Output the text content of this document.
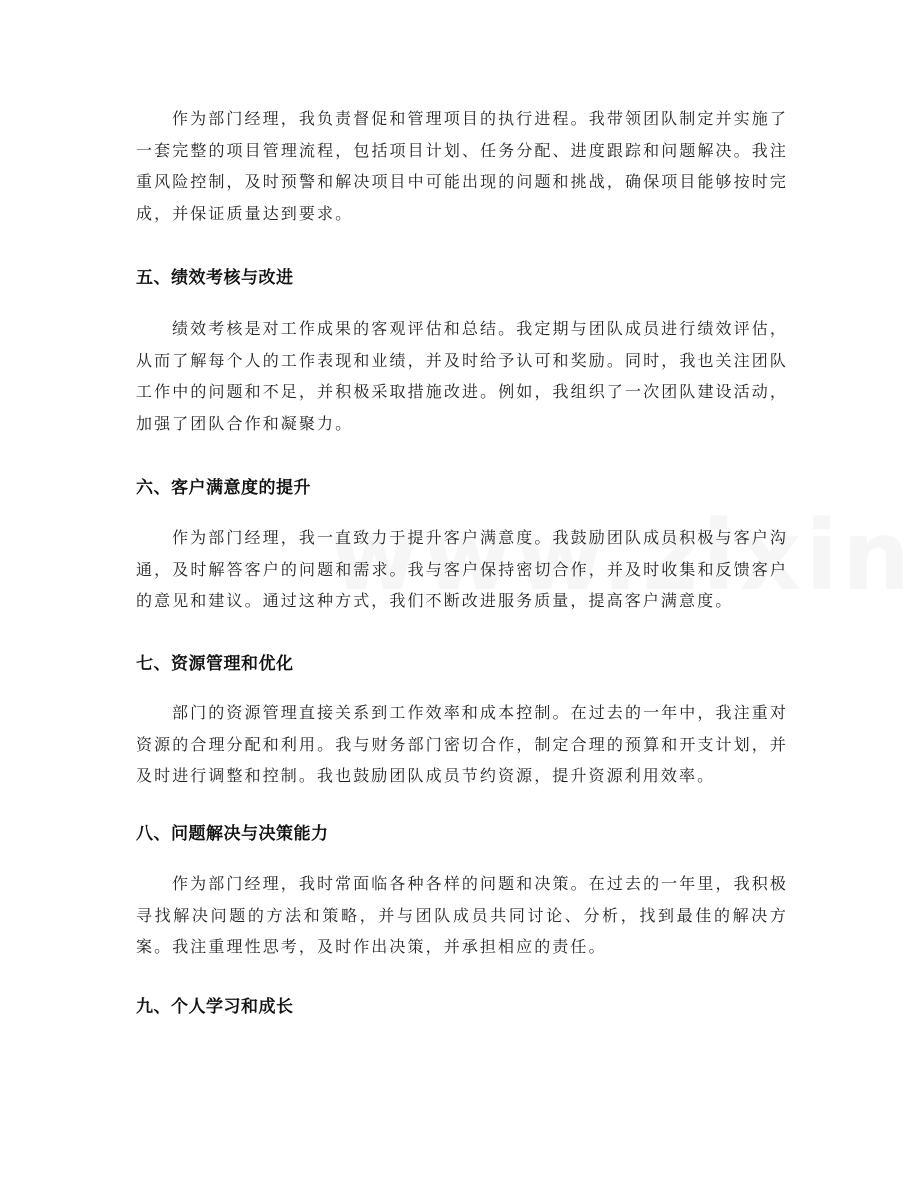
作为部门经理，我负责督促和管理项目的执行进程。我带领团队制定并实施了一套完整的项目管理流程，包括项目计划、任务分配、进度跟踪和问题解决。我注重风险控制，及时预警和解决项目中可能出现的问题和挑战，确保项目能够按时完成，并保证质量达到要求。

五、绩效考核与改进

绩效考核是对工作成果的客观评估和总结。我定期与团队成员进行绩效评估，从而了解每个人的工作表现和业绩，并及时给予认可和奖励。同时，我也关注团队工作中的问题和不足，并积极采取措施改进。例如，我组织了一次团队建设活动，加强了团队合作和凝聚力。

六、客户满意度的提升

作为部门经理，我一直致力于提升客户满意度。我鼓励团队成员积极与客户沟通，及时解答客户的问题和需求。我与客户保持密切合作，并及时收集和反馈客户的意见和建议。通过这种方式，我们不断改进服务质量，提高客户满意度。

七、资源管理和优化

部门的资源管理直接关系到工作效率和成本控制。在过去的一年中，我注重对资源的合理分配和利用。我与财务部门密切合作，制定合理的预算和开支计划，并及时进行调整和控制。我也鼓励团队成员节约资源，提升资源利用效率。

八、问题解决与决策能力

作为部门经理，我时常面临各种各样的问题和决策。在过去的一年里，我积极寻找解决问题的方法和策略，并与团队成员共同讨论、分析，找到最佳的解决方案。我注重理性思考，及时作出决策，并承担相应的责任。

九、个人学习和成长
